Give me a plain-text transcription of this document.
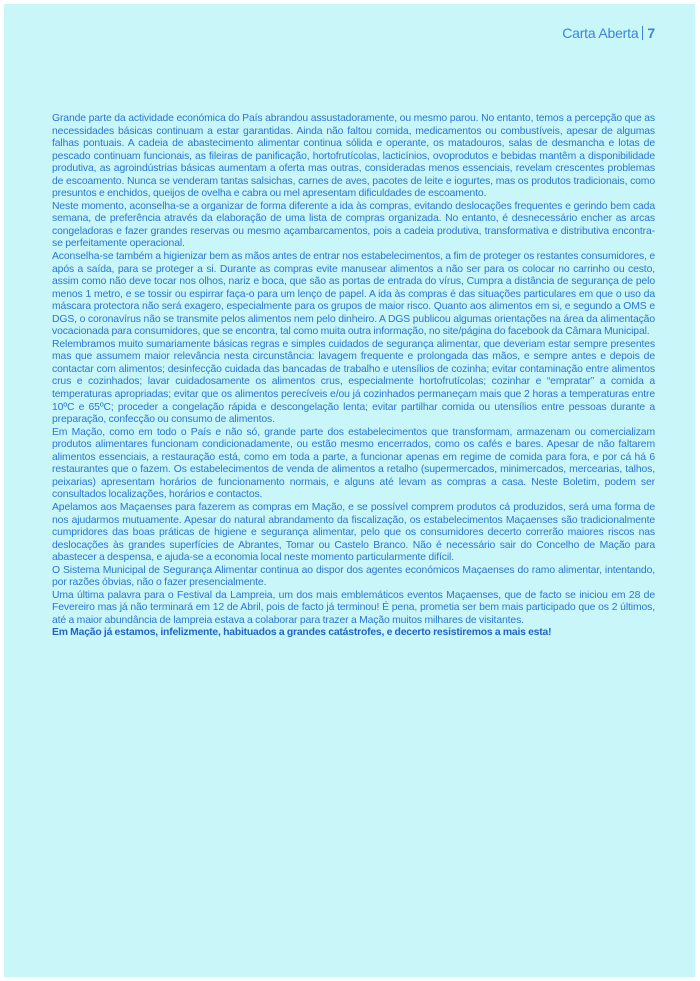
Carta Aberta 7

Grande parte da actividade económica do País abrandou assustadoramente, ou mesmo parou. No entanto, temos a percepção que as necessidades básicas continuam a estar garantidas. Ainda não faltou comida, medicamentos ou combustíveis, apesar de algumas falhas pontuais. A cadeia de abastecimento alimentar continua sólida e operante, os matadouros, salas de desmancha e lotas de pescado continuam funcionais, as fileiras de panificação, hortofrutícolas, lacticínios, ovoprodutos e bebidas mantêm a disponibilidade produtiva, as agroindústrias básicas aumentam a oferta mas outras, consideradas menos essenciais, revelam crescentes problemas de escoamento. Nunca se venderam tantas salsichas, carnes de aves, pacotes de leite e iogurtes, mas os produtos tradicionais, como presuntos e enchidos, queijos de ovelha e cabra ou mel apresentam dificuldades de escoamento.

Neste momento, aconselha-se a organizar de forma diferente a ida às compras, evitando deslocações frequentes e gerindo bem cada semana, de preferência através da elaboração de uma lista de compras organizada. No entanto, é desnecessário encher as arcas congeladoras e fazer grandes reservas ou mesmo açambarcamentos, pois a cadeia produtiva, transformativa e distributiva encontra-se perfeitamente operacional.

Aconselha-se também a higienizar bem as mãos antes de entrar nos estabelecimentos, a fim de proteger os restantes consumidores, e após a saída, para se proteger a si. Durante as compras evite manusear alimentos a não ser para os colocar no carrinho ou cesto, assim como não deve tocar nos olhos, nariz e boca, que são as portas de entrada do vírus, Cumpra a distância de segurança de pelo menos 1 metro, e se tossir ou espirrar faça-o para um lenço de papel. A ida às compras é das situações particulares em que o uso da máscara protectora não será exagero, especialmente para os grupos de maior risco. Quanto aos alimentos em si, e segundo a OMS e DGS, o coronavírus não se transmite pelos alimentos nem pelo dinheiro. A DGS publicou algumas orientações na área da alimentação vocacionada para consumidores, que se encontra, tal como muita outra informação, no site/página do facebook da Câmara Municipal.

Relembramos muito sumariamente básicas regras e simples cuidados de segurança alimentar, que deveriam estar sempre presentes mas que assumem maior relevância nesta circunstância: lavagem frequente e prolongada das mãos, e sempre antes e depois de contactar com alimentos; desinfecção cuidada das bancadas de trabalho e utensílios de cozinha; evitar contaminação entre alimentos crus e cozinhados; lavar cuidadosamente os alimentos crus, especialmente hortofrutícolas; cozinhar e “empratar” a comida a temperaturas apropriadas; evitar que os alimentos perecíveis e/ou já cozinhados permaneçam mais que 2 horas a temperaturas entre 10ºC e 65ºC; proceder a congelação rápida e descongelação lenta; evitar partilhar comida ou utensílios entre pessoas durante a preparação, confecção ou consumo de alimentos.

Em Mação, como em todo o País e não só, grande parte dos estabelecimentos que transformam, armazenam ou comercializam produtos alimentares funcionam condicionadamente, ou estão mesmo encerrados, como os cafés e bares. Apesar de não faltarem alimentos essenciais, a restauração está, como em toda a parte, a funcionar apenas em regime de comida para fora, e por cá há 6 restaurantes que o fazem. Os estabelecimentos de venda de alimentos a retalho (supermercados, minimercados, mercearias, talhos, peixarias) apresentam horários de funcionamento normais, e alguns até levam as compras a casa. Neste Boletim, podem ser consultados localizações, horários e contactos.

Apelamos aos Maçaenses para fazerem as compras em Mação, e se possível comprem produtos cá produzidos, será uma forma de nos ajudarmos mutuamente. Apesar do natural abrandamento da fiscalização, os estabelecimentos Maçaenses são tradicionalmente cumpridores das boas práticas de higiene e segurança alimentar, pelo que os consumidores decerto correrão maiores riscos nas deslocações às grandes superfícies de Abrantes, Tomar ou Castelo Branco. Não é necessário sair do Concelho de Mação para abastecer a despensa, e ajuda-se a economia local neste momento particularmente difícil.

O Sistema Municipal de Segurança Alimentar continua ao dispor dos agentes económicos Maçaenses do ramo alimentar, intentando, por razões óbvias, não o fazer presencialmente.

Uma última palavra para o Festival da Lampreia, um dos mais emblemáticos eventos Maçaenses, que de facto se iniciou em 28 de Fevereiro mas já não terminará em 12 de Abril, pois de facto já terminou! É pena, prometia ser bem mais participado que os 2 últimos, até a maior abundância de lampreia estava a colaborar para trazer a Mação muitos milhares de visitantes.

Em Mação já estamos, infelizmente, habituados a grandes catástrofes, e decerto resistiremos a mais esta!
